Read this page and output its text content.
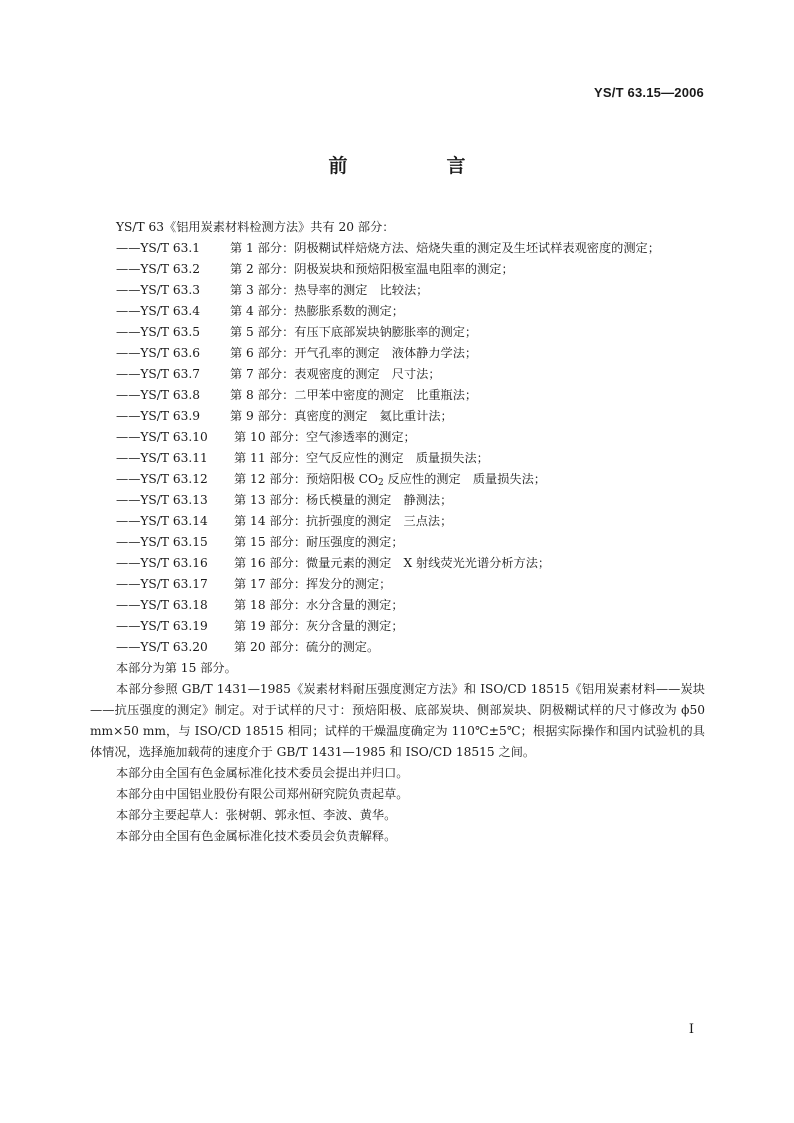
YS/T 63.15—2006
前　言
YS/T 63《铝用炭素材料检测方法》共有 20 部分：
——YS/T 63.1 第 1 部分：阴极糊试样焙烧方法、焙烧失重的测定及生坯试样表观密度的测定；
——YS/T 63.2 第 2 部分：阴极炭块和预焙阳极室温电阻率的测定；
——YS/T 63.3 第 3 部分：热导率的测定　比较法；
——YS/T 63.4 第 4 部分：热膨胀系数的测定；
——YS/T 63.5 第 5 部分：有压下底部炭块钠膨胀率的测定；
——YS/T 63.6 第 6 部分：开气孔率的测定　液体静力学法；
——YS/T 63.7 第 7 部分：表观密度的测定　尺寸法；
——YS/T 63.8 第 8 部分：二甲苯中密度的测定　比重瓶法；
——YS/T 63.9 第 9 部分：真密度的测定　氦比重计法；
——YS/T 63.10 第 10 部分：空气渗透率的测定；
——YS/T 63.11 第 11 部分：空气反应性的测定　质量损失法；
——YS/T 63.12 第 12 部分：预焙阳极 $CO_2$ 反应性的测定　质量损失法；
——YS/T 63.13 第 13 部分：杨氏模量的测定　静测法；
——YS/T 63.14 第 14 部分：抗折强度的测定　三点法；
——YS/T 63.15 第 15 部分：耐压强度的测定；
——YS/T 63.16 第 16 部分：微量元素的测定　X 射线荧光光谱分析方法；
——YS/T 63.17 第 17 部分：挥发分的测定；
——YS/T 63.18 第 18 部分：水分含量的测定；
——YS/T 63.19 第 19 部分：灰分含量的测定；
——YS/T 63.20 第 20 部分：硫分的测定。
本部分为第 15 部分。
本部分参照 GB/T 1431—1985《炭素材料耐压强度测定方法》和 ISO/CD 18515《铝用炭素材料——炭块——抗压强度的测定》制定。对于试样的尺寸：预焙阳极、底部炭块、侧部炭块、阴极糊试样的尺寸修改为 ϕ50 mm×50 mm，与 ISO/CD 18515 相同；试样的干燥温度确定为 110℃±5℃；根据实际操作和国内试验机的具体情况，选择施加载荷的速度介于 GB/T 1431—1985 和 ISO/CD 18515 之间。
本部分由全国有色金属标准化技术委员会提出并归口。
本部分由中国铝业股份有限公司郑州研究院负责起草。
本部分主要起草人：张树朝、郭永恒、李波、黄华。
本部分由全国有色金属标准化技术委员会负责解释。
I
